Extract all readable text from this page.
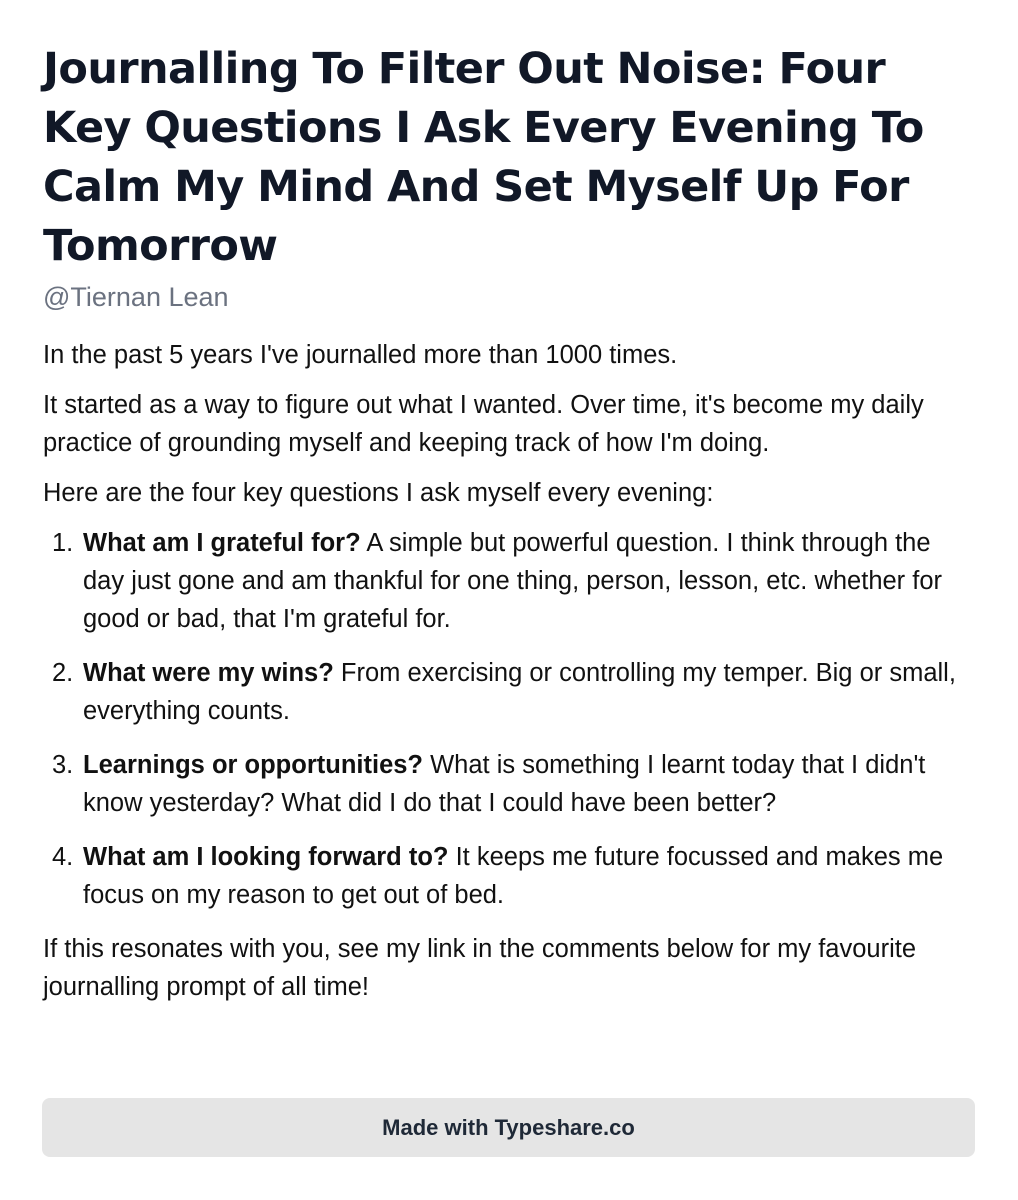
Journalling To Filter Out Noise: Four Key Questions I Ask Every Evening To Calm My Mind And Set Myself Up For Tomorrow

@Tiernan Lean

In the past 5 years I've journalled more than 1000 times.

It started as a way to figure out what I wanted. Over time, it's become my daily practice of grounding myself and keeping track of how I'm doing.

Here are the four key questions I ask myself every evening:

1. What am I grateful for? A simple but powerful question. I think through the day just gone and am thankful for one thing, person, lesson, etc. whether for good or bad, that I'm grateful for.
2. What were my wins? From exercising or controlling my temper. Big or small, everything counts.
3. Learnings or opportunities? What is something I learnt today that I didn't know yesterday? What did I do that I could have been better?
4. What am I looking forward to? It keeps me future focussed and makes me focus on my reason to get out of bed.

If this resonates with you, see my link in the comments below for my favourite journalling prompt of all time!

Made with Typeshare.co
